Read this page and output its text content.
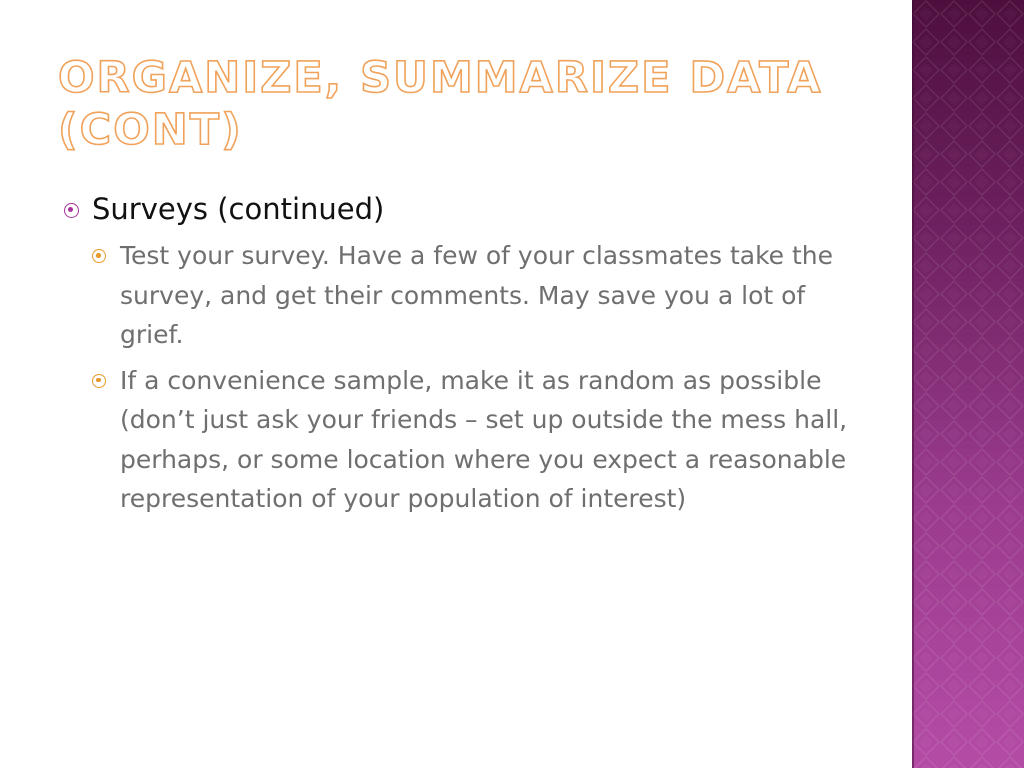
ORGANIZE, SUMMARIZE DATA (CONT)
Surveys (continued)
Test your survey. Have a few of your classmates take the survey, and get their comments. May save you a lot of grief.
If a convenience sample, make it as random as possible (don’t just ask your friends – set up outside the mess hall, perhaps, or some location where you expect a reasonable representation of your population of interest)
